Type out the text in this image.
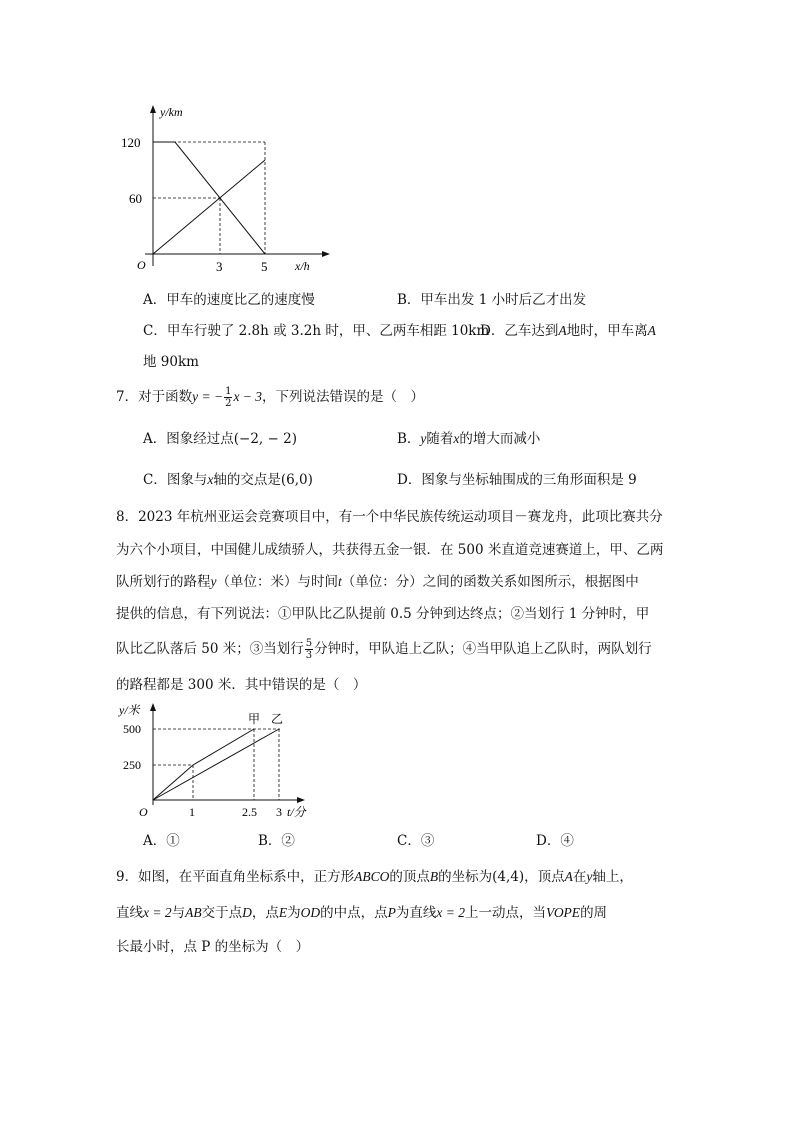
y/km
x/h
O
120
60
3	5
A．甲车的速度比乙的速度慢	B．甲车出发 1 小时后乙才出发
C．甲车行驶了 2.8h 或 3.2h 时，甲、乙两车相距 10km
D．乙车达到A地时，甲车离A
地 90km
7．对于函数y = − $\frac{1}{2}$ x − 3，下列说法错误的是（　）
A．图象经过点(−2, − 2)	B．y随着x的增大而减小
C．图象与x轴的交点是(6,0)	D．图象与坐标轴围成的三角形面积是 9
8．2023 年杭州亚运会竞赛项目中，有一个中华民族传统运动项目－赛龙舟，此项比赛共分
为六个小项目，中国健儿成绩骄人，共获得五金一银．在 500 米直道竞速赛道上，甲、乙两
队所划行的路程y（单位：米）与时间t（单位：分）之间的函数关系如图所示，根据图中
提供的信息，有下列说法：①甲队比乙队提前 0.5 分钟到达终点；②当划行 1 分钟时，甲
队比乙队落后 50 米；③当划行 $\frac{5}{3}$ 分钟时，甲队追上乙队；④当甲队追上乙队时，两队划行
的路程都是 300 米．其中错误的是（　）
y/米
t/分
O
500
250
1	2.5 3
甲 乙
A．①	B．②	C．③	D．④
9．如图，在平面直角坐标系中，正方形ABCO的顶点B的坐标为(4,4)，顶点A在y轴上，
直线x = 2与AB交于点D，点E为OD的中点，点P为直线x = 2上一动点，当VOPE的周
长最小时，点 P 的坐标为（　）
